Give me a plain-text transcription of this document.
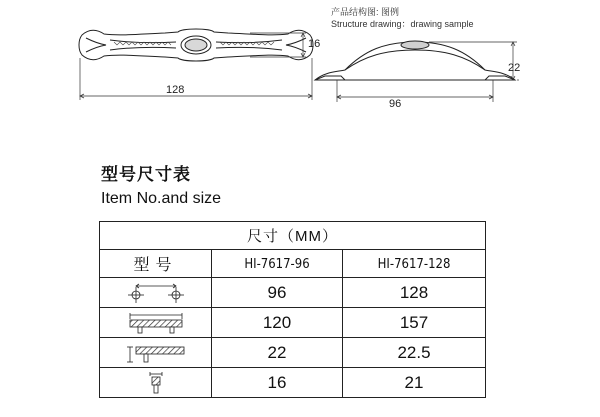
16
128
产品结构图: 图例
Structure drawing：drawing sample
22
96
型号尺寸表
Item No.and size
尺寸（MM）		
型号	HI-7617-96	HI-7617-128

	96	128

	120	157

	22	22.5

	16	21
